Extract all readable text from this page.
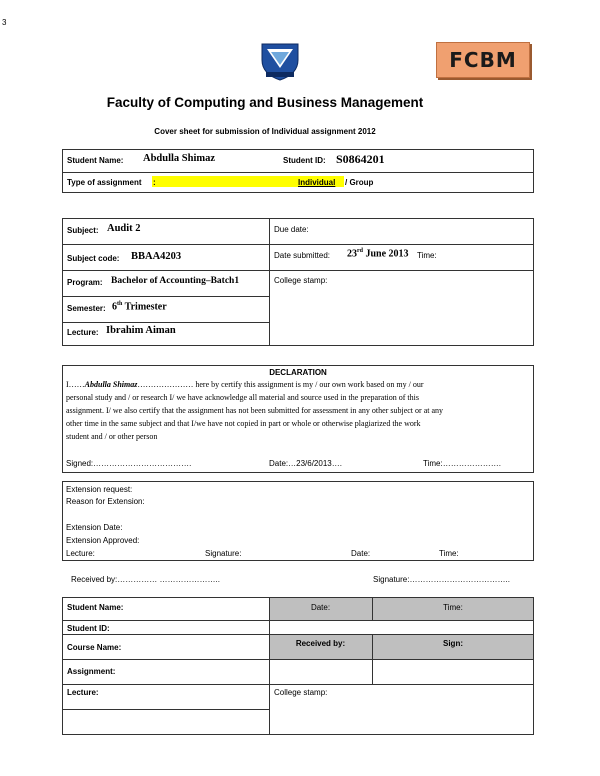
3
FCBM
Faculty of Computing and Business Management
Cover sheet for submission of Individual assignment 2012
Student Name: Abdulla Shimaz	Student ID: S0864201
Type of assignment :	Individual / Group
Subject: Audit 2	Due date:
Subject code: BBAA4203	Date submitted: 23rd June 2013 Time:
Program: Bachelor of Accounting–Batch1	College stamp:
Semester: 6th Trimester
Lecture: Ibrahim Aiman
DECLARATION
I……Abdulla Shimaz………………… here by certify this assignment is my / our own work based on my / our
personal study and / or research I/ we have acknowledge all material and source used in the preparation of this
assignment. I/ we also certify that the assignment has not been submitted for assessment in any other subject or at any
other time in the same subject and that I/we have not copied in part or whole or otherwise plagiarized the work
student and / or other person
Signed:……………………………….	Date:…23/6/2013….	Time:………………….
Extension request:
Reason for Extension:
Extension Date:
Extension Approved:
Lecture:	Signature:	Date:	Time:
Received by:…………… …………………..	Signature:………………………………..
Student Name:	Date:	Time:
Student ID:
Course Name:	Received by:	Sign:
Assignment:
Lecture:	College stamp:
